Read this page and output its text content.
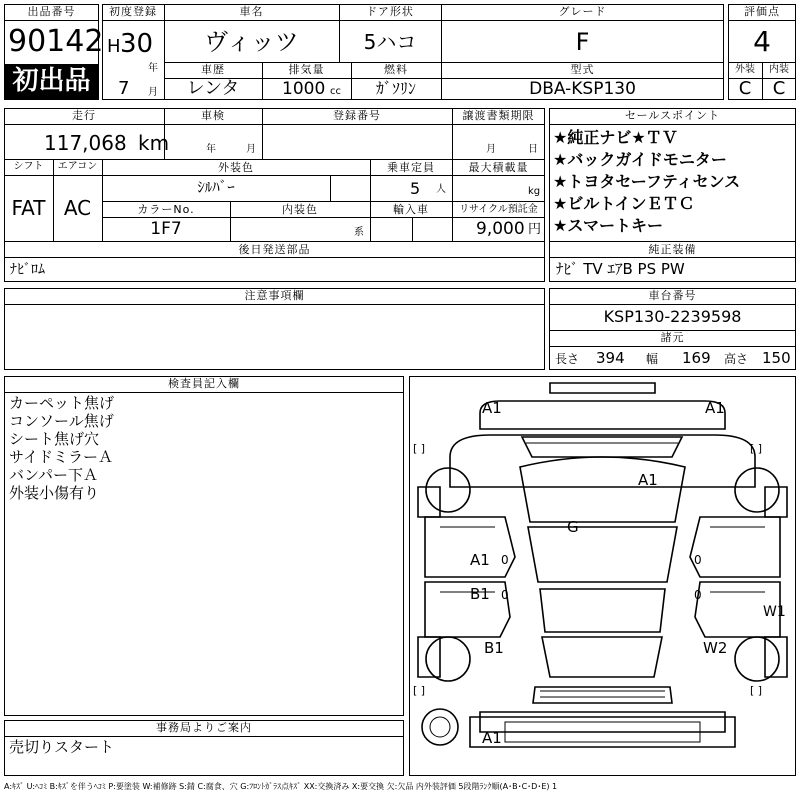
出品番号
90142
初出品
初度登録
H 30
年
7 月
車名
ヴィッツ
ドア形状
5ハコ
グレード
F
車歴
レンタ
排気量
1000 cc
燃料
ｶﾞｿﾘﾝ
型式
DBA-KSP130
評価点
4
外装	内装
C	C
走行
117,068 km
車検
年	月
登録番号	譲渡書類期限
月	日
シフト
FAT
エアコン
AC
外装色
ｼﾙﾊﾞｰ
乗車定員
5 人
最大積載量
kg
カラーNo.
1F7
内装色
系
輸入車	リサイクル預託金
9,000 円
後日発送部品
ﾅﾋﾞﾛﾑ
セールスポイント
★純正ナビ★ＴＶ
★バックガイドモニター
★トヨタセーフティセンス
★ビルトインＥＴＣ
★スマートキー
純正装備
ﾅﾋﾞ TV ｴｱB PS PW
注意事項欄	車台番号
KSP130-2239598
諸元
長さ 394 幅 169 高さ 150
検査員記入欄
カーペット焦げ
コンソール焦げ
シート焦げ穴
サイドミラーＡ
バンパー下Ａ
外装小傷有り
事務局よりご案内
売切りスタート
A1	A1
A1
G
A1
B1
B1
W1
W2
A1
0
0
0
0
[ ]	[ ]
[ ]	[ ]
A:ｷｽﾞ U:ﾍｺﾐ B:ｷｽﾞを伴うﾍｺﾐ P:要塗装 W:補修跡 S:錆 C:腐食、穴 G:ﾌﾛﾝﾄｶﾞﾗｽ点ｷｽﾞ XX:交換済み X:要交換 欠:欠品 内外装評価 5段階ﾗﾝｸ順(A･B･C･D･E) 1
